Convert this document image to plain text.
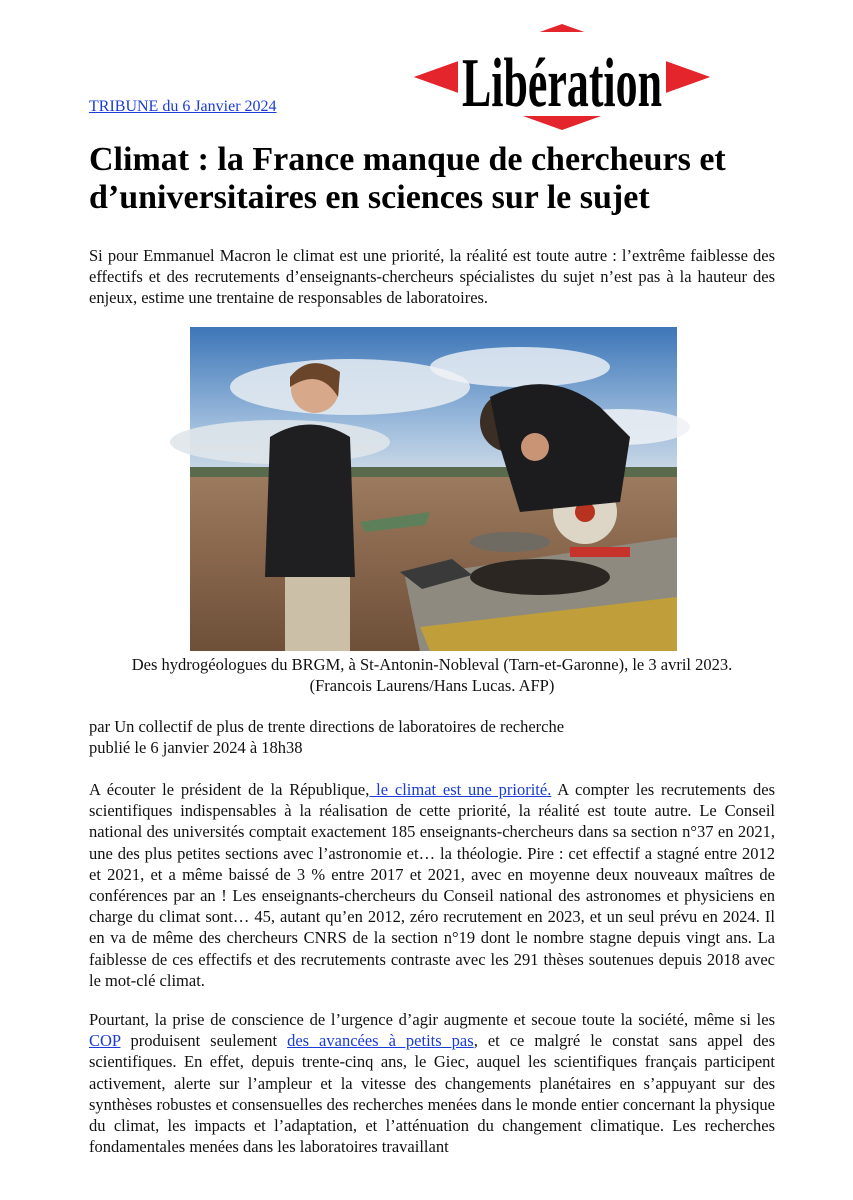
Libération
TRIBUNE du 6 Janvier 2024
Climat : la France manque de chercheurs et d’universitaires en sciences sur le sujet

Si pour Emmanuel Macron le climat est une priorité, la réalité est toute autre : l’extrême faiblesse des effectifs et des recrutements d’enseignants-chercheurs spécialistes du sujet n’est pas à la hauteur des enjeux, estime une trentaine de responsables de laboratoires.

Des hydrogéologues du BRGM, à St-Antonin-Nobleval (Tarn-et-Garonne), le 3 avril 2023.
(Francois Laurens/Hans Lucas. AFP)

par Un collectif de plus de trente directions de laboratoires de recherche
publié le 6 janvier 2024 à 18h38

A écouter le président de la République, le climat est une priorité. A compter les recrutements des scientifiques indispensables à la réalisation de cette priorité, la réalité est toute autre. Le Conseil national des universités comptait exactement 185 enseignants-chercheurs dans sa section n°37 en 2021, une des plus petites sections avec l’astronomie et… la théologie. Pire : cet effectif a stagné entre 2012 et 2021, et a même baissé de 3 % entre 2017 et 2021, avec en moyenne deux nouveaux maîtres de conférences par an ! Les enseignants-chercheurs du Conseil national des astronomes et physiciens en charge du climat sont… 45, autant qu’en 2012, zéro recrutement en 2023, et un seul prévu en 2024. Il en va de même des chercheurs CNRS de la section n°19 dont le nombre stagne depuis vingt ans. La faiblesse de ces effectifs et des recrutements contraste avec les 291 thèses soutenues depuis 2018 avec le mot-clé climat.

Pourtant, la prise de conscience de l’urgence d’agir augmente et secoue toute la société, même si les COP produisent seulement des avancées à petits pas, et ce malgré le constat sans appel des scientifiques. En effet, depuis trente-cinq ans, le Giec, auquel les scientifiques français participent activement, alerte sur l’ampleur et la vitesse des changements planétaires en s’appuyant sur des synthèses robustes et consensuelles des recherches menées dans le monde entier concernant la physique du climat, les impacts et l’adaptation, et l’atténuation du changement climatique. Les recherches fondamentales menées dans les laboratoires travaillant
